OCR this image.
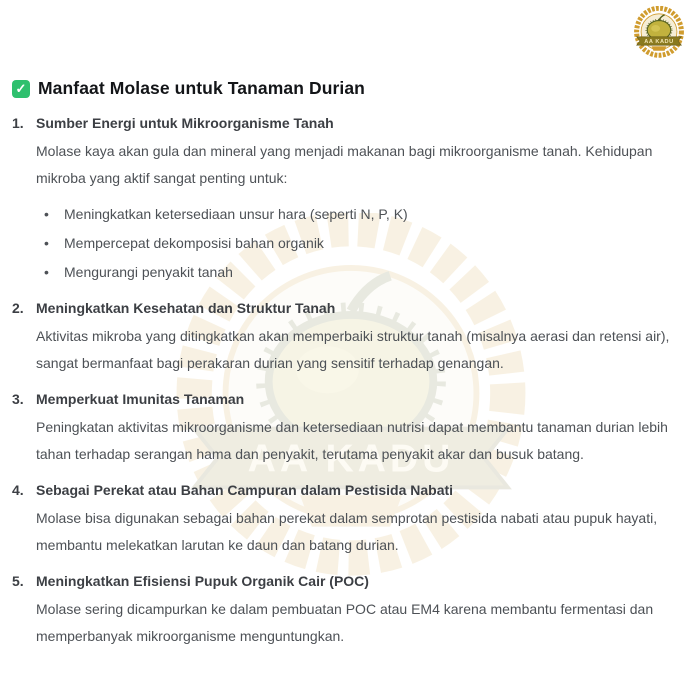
✓ Manfaat Molase untuk Tanaman Durian
1. Sumber Energi untuk Mikroorganisme Tanah

Molase kaya akan gula dan mineral yang menjadi makanan bagi mikroorganisme tanah. Kehidupan mikroba yang aktif sangat penting untuk:

•	Meningkatkan ketersediaan unsur hara (seperti N, P, K)
•	Mempercepat dekomposisi bahan organik
•	Mengurangi penyakit tanah
2. Meningkatkan Kesehatan dan Struktur Tanah

Aktivitas mikroba yang ditingkatkan akan memperbaiki struktur tanah (misalnya aerasi dan retensi air), sangat bermanfaat bagi perakaran durian yang sensitif terhadap genangan.

3. Memperkuat Imunitas Tanaman

Peningkatan aktivitas mikroorganisme dan ketersediaan nutrisi dapat membantu tanaman durian lebih tahan terhadap serangan hama dan penyakit, terutama penyakit akar dan busuk batang.

4. Sebagai Perekat atau Bahan Campuran dalam Pestisida Nabati

Molase bisa digunakan sebagai bahan perekat dalam semprotan pestisida nabati atau pupuk hayati, membantu melekatkan larutan ke daun dan batang durian.

5. Meningkatkan Efisiensi Pupuk Organik Cair (POC)

Molase sering dicampurkan ke dalam pembuatan POC atau EM4 karena membantu fermentasi dan memperbanyak mikroorganisme menguntungkan.
